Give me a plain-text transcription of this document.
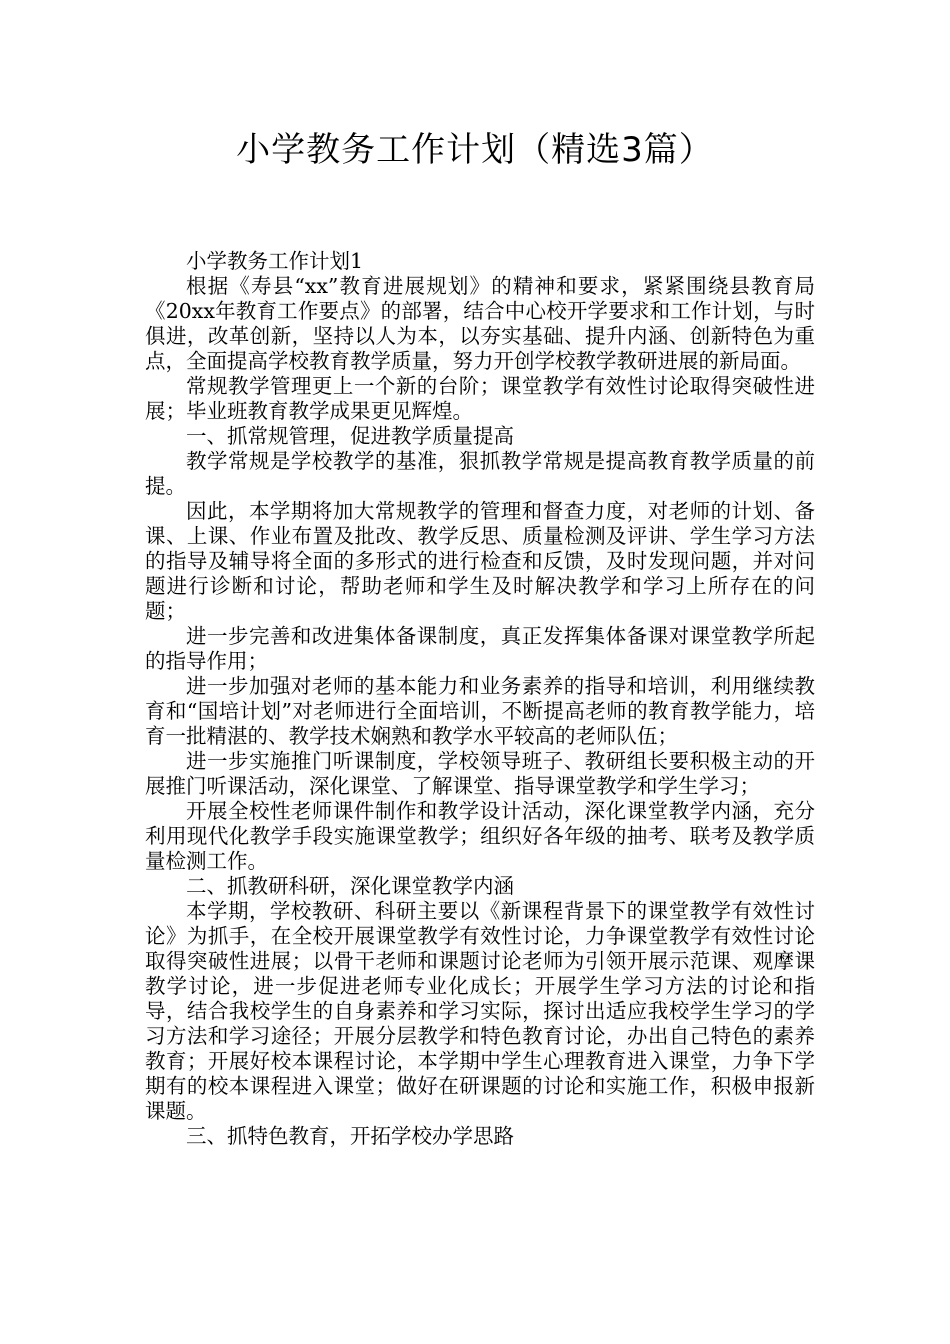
小学教务工作计划（精选3篇）

小学教务工作计划1

根据《寿县“xx”教育进展规划》的精神和要求，紧紧围绕县教育局《20xx年教育工作要点》的部署，结合中心校开学要求和工作计划，与时俱进，改革创新，坚持以人为本，以夯实基础、提升内涵、创新特色为重点，全面提高学校教育教学质量，努力开创学校教学教研进展的新局面。

常规教学管理更上一个新的台阶；课堂教学有效性讨论取得突破性进展；毕业班教育教学成果更见辉煌。

一、抓常规管理，促进教学质量提高

教学常规是学校教学的基准，狠抓教学常规是提高教育教学质量的前提。

因此，本学期将加大常规教学的管理和督查力度，对老师的计划、备课、上课、作业布置及批改、教学反思、质量检测及评讲、学生学习方法的指导及辅导将全面的多形式的进行检查和反馈，及时发现问题，并对问题进行诊断和讨论，帮助老师和学生及时解决教学和学习上所存在的问题；

进一步完善和改进集体备课制度，真正发挥集体备课对课堂教学所起的指导作用；

进一步加强对老师的基本能力和业务素养的指导和培训，利用继续教育和“国培计划”对老师进行全面培训，不断提高老师的教育教学能力，培育一批精湛的、教学技术娴熟和教学水平较高的老师队伍；

进一步实施推门听课制度，学校领导班子、教研组长要积极主动的开展推门听课活动，深化课堂、了解课堂、指导课堂教学和学生学习；

开展全校性老师课件制作和教学设计活动，深化课堂教学内涵，充分利用现代化教学手段实施课堂教学；组织好各年级的抽考、联考及教学质量检测工作。

二、抓教研科研，深化课堂教学内涵

本学期，学校教研、科研主要以《新课程背景下的课堂教学有效性讨论》为抓手，在全校开展课堂教学有效性讨论，力争课堂教学有效性讨论取得突破性进展；以骨干老师和课题讨论老师为引领开展示范课、观摩课教学讨论，进一步促进老师专业化成长；开展学生学习方法的讨论和指导，结合我校学生的自身素养和学习实际，探讨出适应我校学生学习的学习方法和学习途径；开展分层教学和特色教育讨论，办出自己特色的素养教育；开展好校本课程讨论，本学期中学生心理教育进入课堂，力争下学期有的校本课程进入课堂；做好在研课题的讨论和实施工作，积极申报新课题。

三、抓特色教育，开拓学校办学思路
